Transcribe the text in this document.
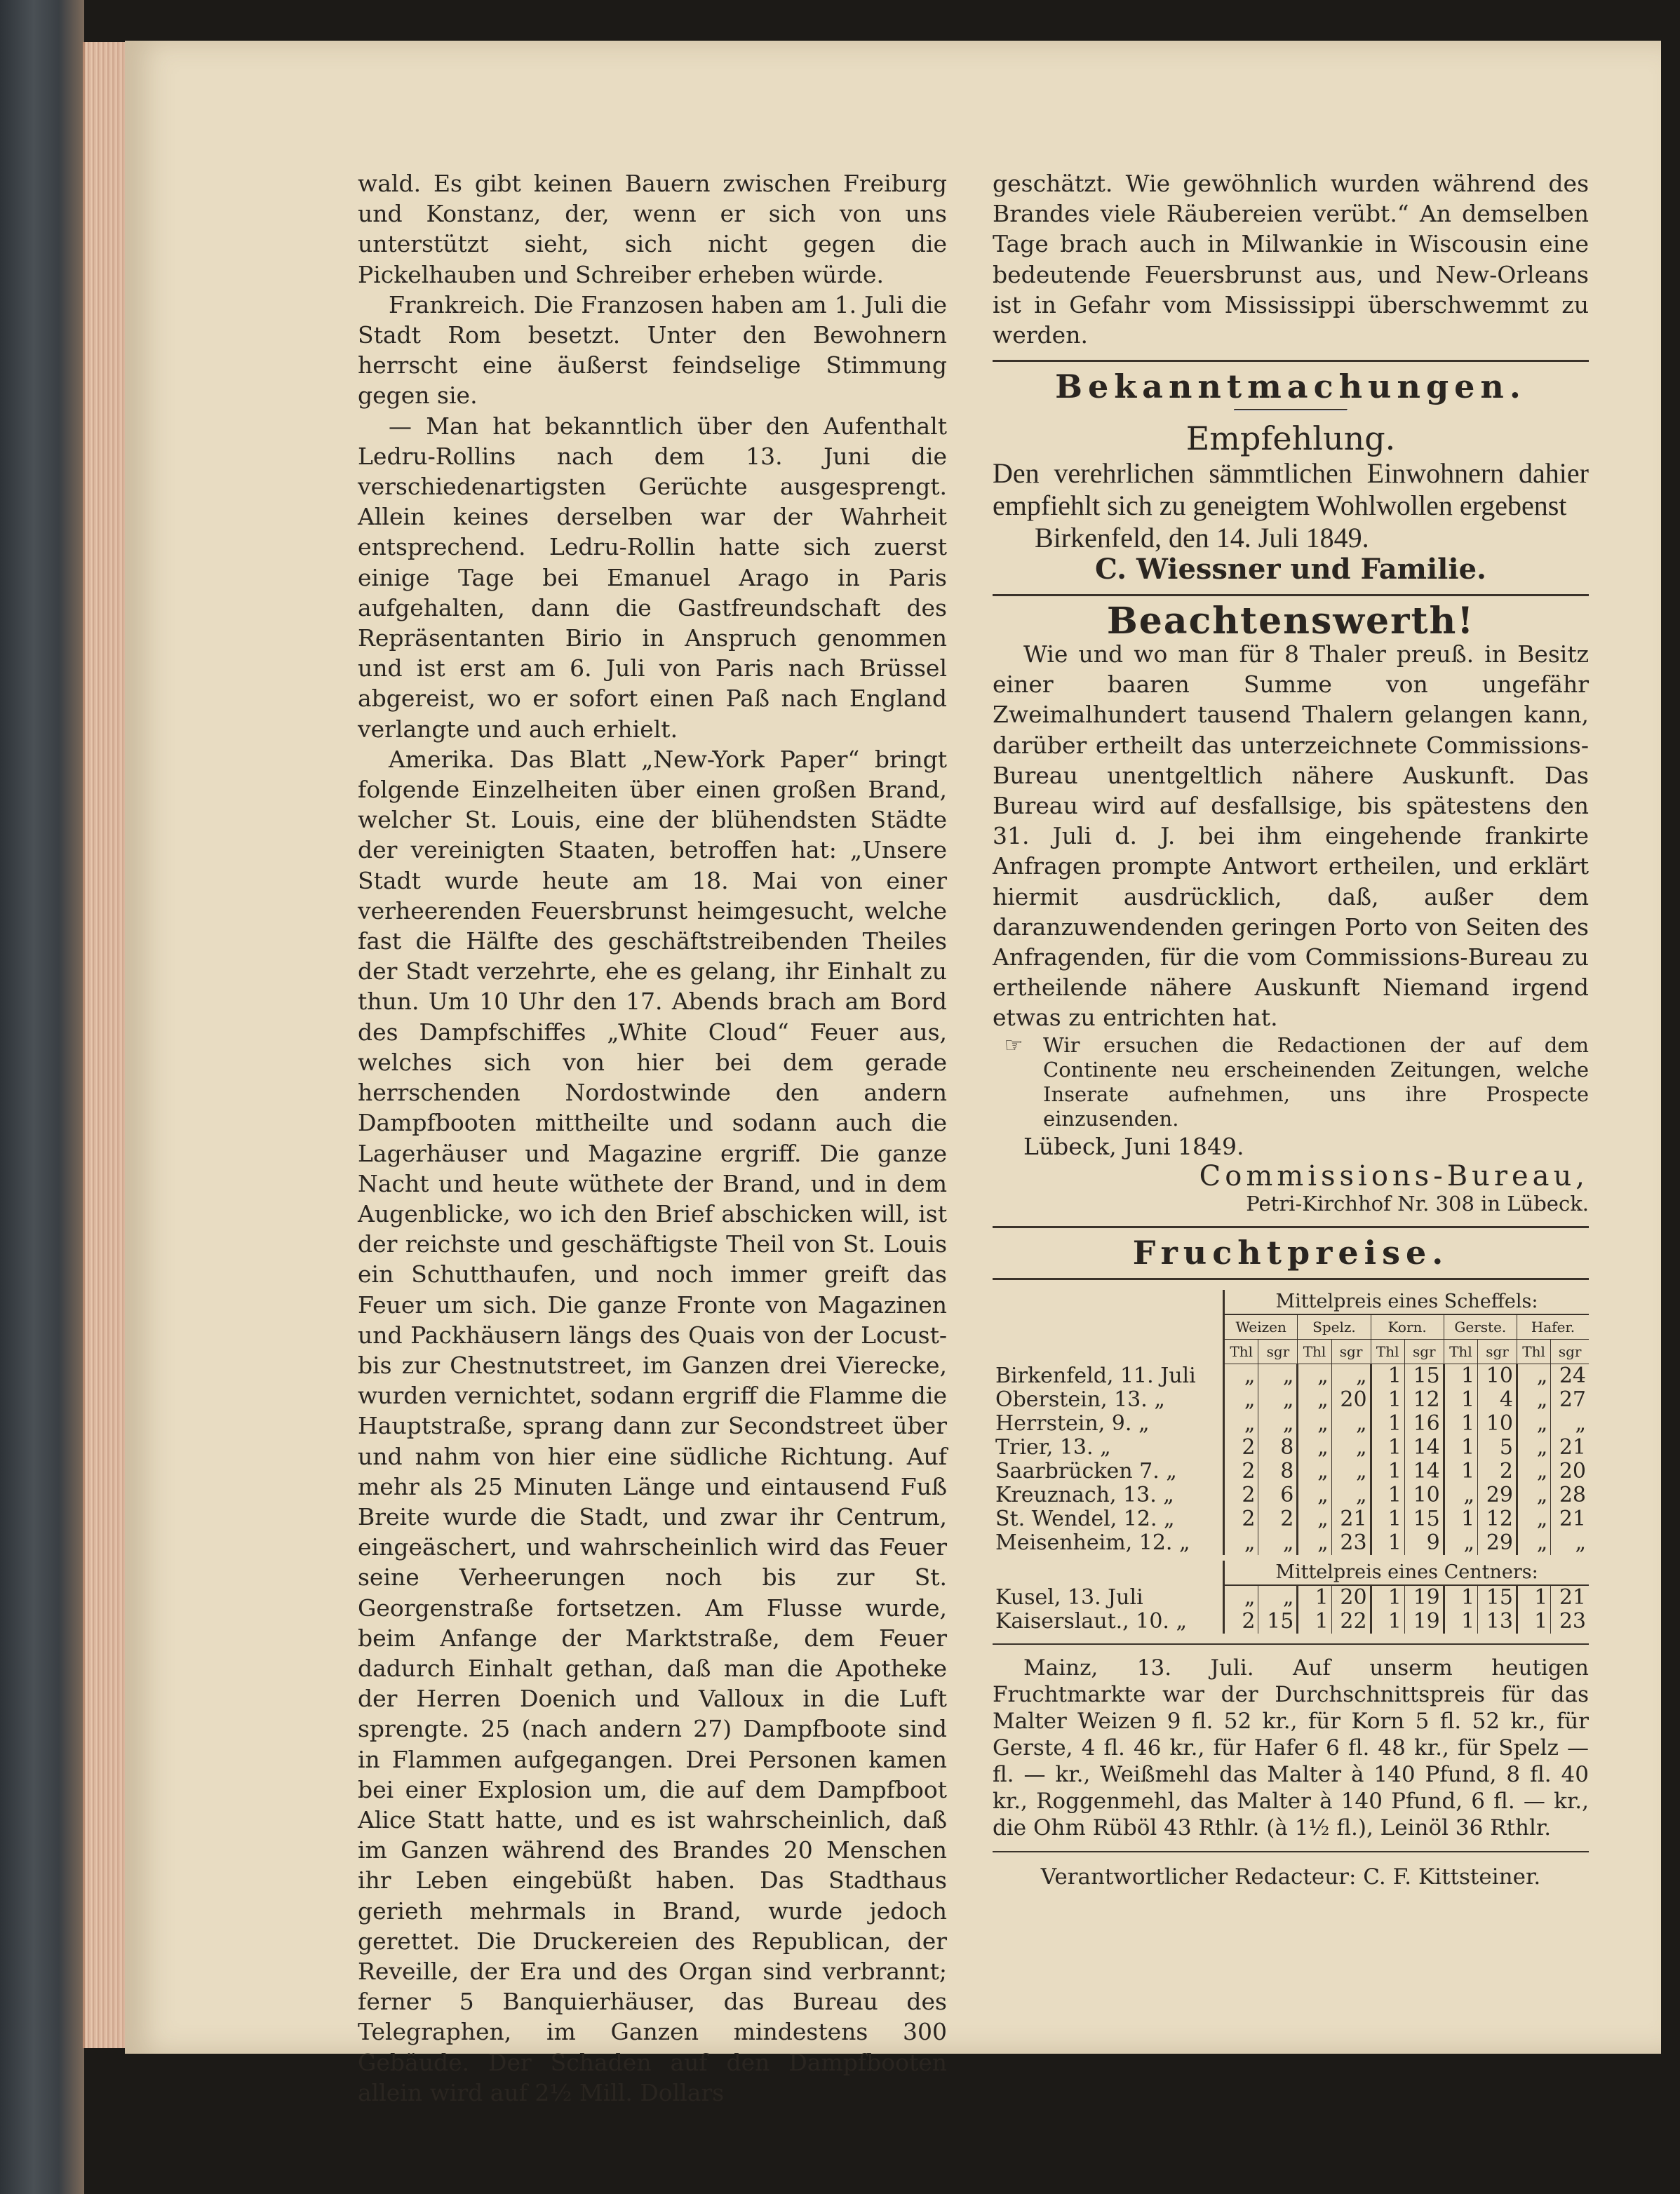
wald. Es gibt keinen Bauern zwischen Freiburg und Konstanz, der, wenn er sich von uns unterstützt sieht, sich nicht gegen die Pickelhauben und Schreiber erheben würde.

Frankreich. Die Franzosen haben am 1. Juli die Stadt Rom besetzt. Unter den Bewohnern herrscht eine äußerst feindselige Stimmung gegen sie.

— Man hat bekanntlich über den Aufenthalt Ledru-Rollins nach dem 13. Juni die verschiedenartigsten Gerüchte ausgesprengt. Allein keines derselben war der Wahrheit entsprechend. Ledru-Rollin hatte sich zuerst einige Tage bei Emanuel Arago in Paris aufgehalten, dann die Gastfreundschaft des Repräsentanten Birio in Anspruch genommen und ist erst am 6. Juli von Paris nach Brüssel abgereist, wo er sofort einen Paß nach England verlangte und auch erhielt.

Amerika. Das Blatt „New-York Paper“ bringt folgende Einzelheiten über einen großen Brand, welcher St. Louis, eine der blühendsten Städte der vereinigten Staaten, betroffen hat: „Unsere Stadt wurde heute am 18. Mai von einer verheerenden Feuersbrunst heimgesucht, welche fast die Hälfte des geschäftstreibenden Theiles der Stadt verzehrte, ehe es gelang, ihr Einhalt zu thun. Um 10 Uhr den 17. Abends brach am Bord des Dampfschiffes „White Cloud“ Feuer aus, welches sich von hier bei dem gerade herrschenden Nordostwinde den andern Dampfbooten mittheilte und sodann auch die Lagerhäuser und Magazine ergriff. Die ganze Nacht und heute wüthete der Brand, und in dem Augenblicke, wo ich den Brief abschicken will, ist der reichste und geschäftigste Theil von St. Louis ein Schutthaufen, und noch immer greift das Feuer um sich. Die ganze Fronte von Magazinen und Packhäusern längs des Quais von der Locust- bis zur Chestnutstreet, im Ganzen drei Vierecke, wurden vernichtet, sodann ergriff die Flamme die Hauptstraße, sprang dann zur Secondstreet über und nahm von hier eine südliche Richtung. Auf mehr als 25 Minuten Länge und eintausend Fuß Breite wurde die Stadt, und zwar ihr Centrum, eingeäschert, und wahrscheinlich wird das Feuer seine Verheerungen noch bis zur St. Georgenstraße fortsetzen. Am Flusse wurde, beim Anfange der Marktstraße, dem Feuer dadurch Einhalt gethan, daß man die Apotheke der Herren Doenich und Valloux in die Luft sprengte. 25 (nach andern 27) Dampfboote sind in Flammen aufgegangen. Drei Personen kamen bei einer Explosion um, die auf dem Dampfboot Alice Statt hatte, und es ist wahrscheinlich, daß im Ganzen während des Brandes 20 Menschen ihr Leben eingebüßt haben. Das Stadthaus gerieth mehrmals in Brand, wurde jedoch gerettet. Die Druckereien des Republican, der Reveille, der Era und des Organ sind verbrannt; ferner 5 Banquierhäuser, das Bureau des Telegraphen, im Ganzen mindestens 300 Gebäude. Der Schaden auf den Dampfbooten allein wird auf 2½ Mill. Dollars

geschätzt. Wie gewöhnlich wurden während des Brandes viele Räubereien verübt.“ An demselben Tage brach auch in Milwankie in Wiscousin eine bedeutende Feuersbrunst aus, und New-Orleans ist in Gefahr vom Mississippi überschwemmt zu werden.

Bekanntmachungen.
Empfehlung.

Den verehrlichen sämmtlichen Einwohnern dahier empfiehlt sich zu geneigtem Wohlwollen ergebenst

Birkenfeld, den 14. Juli 1849.

C. Wiessner und Familie.

Beachtenswerth!

Wie und wo man für 8 Thaler preuß. in Besitz einer baaren Summe von ungefähr Zweimalhundert tausend Thalern gelangen kann, darüber ertheilt das unterzeichnete Commissions-Bureau unentgeltlich nähere Auskunft. Das Bureau wird auf desfallsige, bis spätestens den 31. Juli d. J. bei ihm eingehende frankirte Anfragen prompte Antwort ertheilen, und erklärt hiermit ausdrücklich, daß, außer dem daranzuwendenden geringen Porto von Seiten des Anfragenden, für die vom Commissions-Bureau zu ertheilende nähere Auskunft Niemand irgend etwas zu entrichten hat.

☞ Wir ersuchen die Redactionen der auf dem Continente neu erscheinenden Zeitungen, welche Inserate aufnehmen, uns ihre Prospecte einzusenden.

Lübeck, Juni 1849.

Commissions-Bureau,

Petri-Kirchhof Nr. 308 in Lübeck.

Fruchtpreise.
	Mittelpreis eines Scheffels:									
	Weizen		Spelz.		Korn.		Gerste.		Hafer.	
	Thl	sgr	Thl	sgr	Thl	sgr	Thl	sgr	Thl	sgr
Birkenfeld, 11. Juli	„	„	„	„	1	15	1	10	„	24
Oberstein, 13. „	„	„	„	20	1	12	1	4	„	27
Herrstein, 9. „	„	„	„	„	1	16	1	10	„	„
Trier, 13. „	2	8	„	„	1	14	1	5	„	21
Saarbrücken 7. „	2	8	„	„	1	14	1	2	„	20
Kreuznach, 13. „	2	6	„	„	1	10	„	29	„	28
St. Wendel, 12. „	2	2	„	21	1	15	1	12	„	21
Meisenheim, 12. „	„	„	„	23	1	9	„	29	„	„

	Mittelpreis eines Centners:									
Kusel, 13. Juli	„	„	1	20	1	19	1	15	1	21
Kaiserslaut., 10. „	2	15	1	22	1	19	1	13	1	23

Mainz, 13. Juli. Auf unserm heutigen Fruchtmarkte war der Durchschnittspreis für das Malter Weizen 9 fl. 52 kr., für Korn 5 fl. 52 kr., für Gerste, 4 fl. 46 kr., für Hafer 6 fl. 48 kr., für Spelz — fl. — kr., Weißmehl das Malter à 140 Pfund, 8 fl. 40 kr., Roggenmehl, das Malter à 140 Pfund, 6 fl. — kr., die Ohm Rüböl 43 Rthlr. (à 1½ fl.), Leinöl 36 Rthlr.

Verantwortlicher Redacteur: C. F. Kittsteiner.
